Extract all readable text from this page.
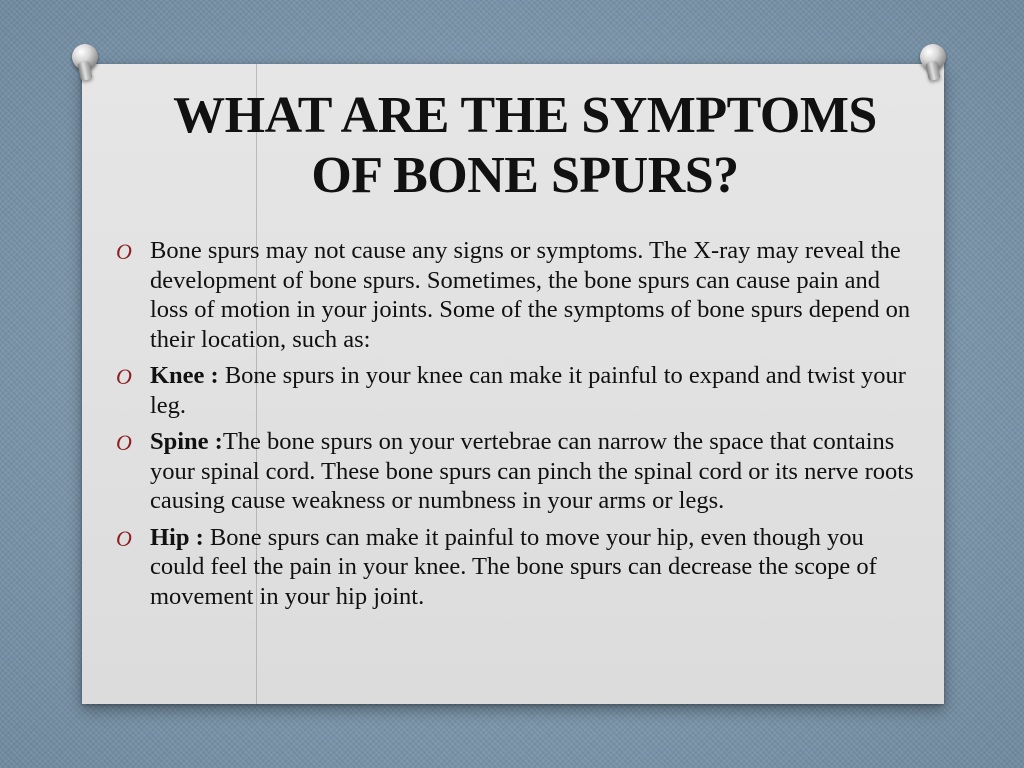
WHAT ARE THE SYMPTOMS
OF BONE SPURS?
O Bone spurs may not cause any signs or symptoms. The X-ray may reveal the development of bone spurs. Sometimes, the bone spurs can cause pain and loss of motion in your joints. Some of the symptoms of bone spurs depend on their location, such as:
O Knee : Bone spurs in your knee can make it painful to expand and twist your leg.
O Spine :The bone spurs on your vertebrae can narrow the space that contains your spinal cord. These bone spurs can pinch the spinal cord or its nerve roots causing cause weakness or numbness in your arms or legs.
O Hip : Bone spurs can make it painful to move your hip, even though you could feel the pain in your knee. The bone spurs can decrease the scope of movement in your hip joint.
